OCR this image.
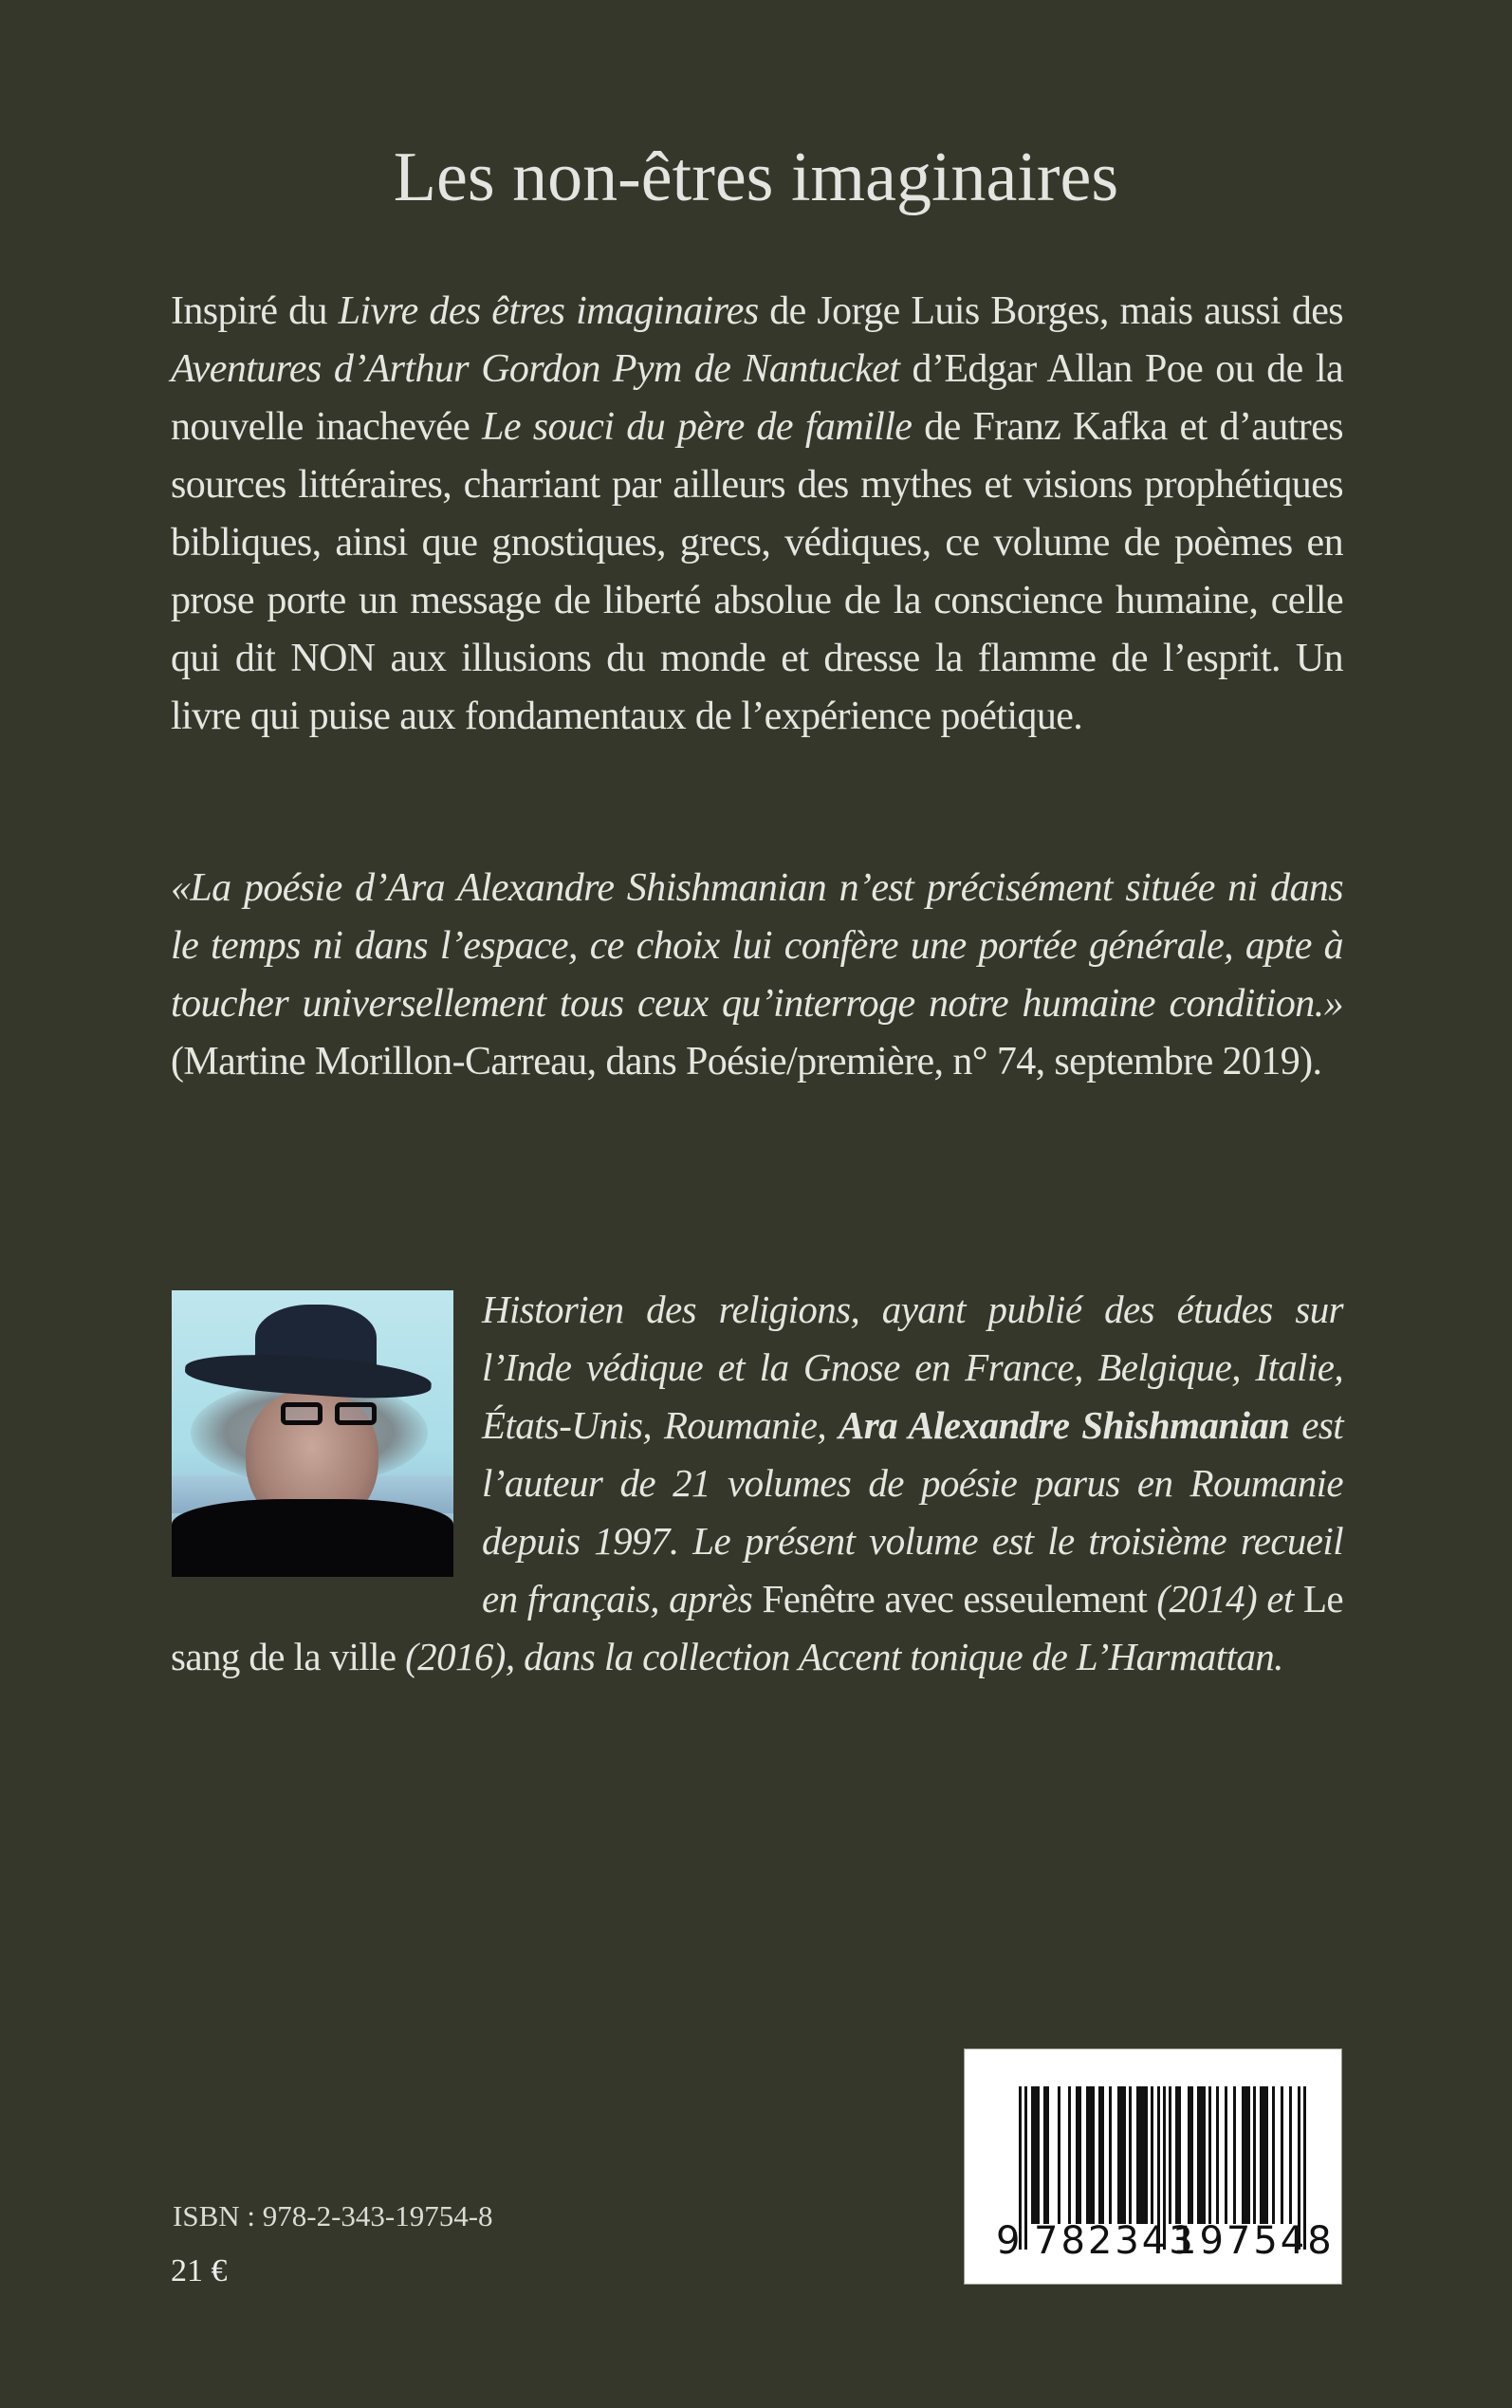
Les non-êtres imaginaires
Inspiré du Livre des êtres imaginaires de Jorge Luis Borges, mais aussi des Aventures d’Arthur Gordon Pym de Nantucket d’Edgar Allan Poe ou de la nouvelle inachevée Le souci du père de famille de Franz Kafka et d’autres sources littéraires, charriant par ailleurs des mythes et visions prophétiques bibliques, ainsi que gnostiques, grecs, védiques, ce volume de poèmes en prose porte un message de liberté absolue de la conscience humaine, celle qui dit NON aux illusions du monde et dresse la flamme de l’esprit. Un livre qui puise aux fondamentaux de l’expérience poétique.
«La poésie d’Ara Alexandre Shishmanian n’est précisément située ni dans le temps ni dans l’espace, ce choix lui confère une portée générale, apte à toucher universellement tous ceux qu’interroge notre humaine condition.» (Martine Morillon-Carreau, dans Poésie/première, n° 74, septembre 2019).
Historien des religions, ayant publié des études sur l’Inde védique et la Gnose en France, Belgique, Italie, États-Unis, Roumanie, Ara Alexandre Shishmanian est l’auteur de 21 volumes de poésie parus en Roumanie depuis 1997. Le présent volume est le troisième recueil en français, après Fenêtre avec esseulement (2014) et Le sang de la ville (2016), dans la collection Accent tonique de L’Harmattan.
ISBN : 978-2-343-19754-8
21 €
9 782343
197548
